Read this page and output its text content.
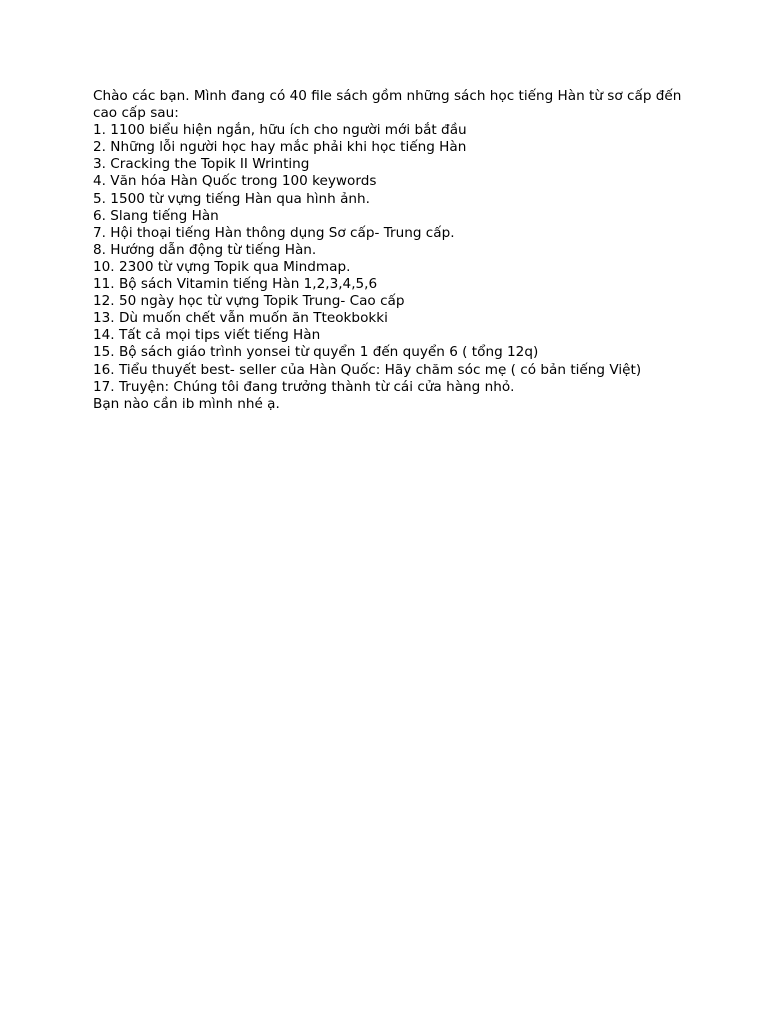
Chào các bạn. Mình đang có 40 file sách gồm những sách học tiếng Hàn từ sơ cấp đến cao cấp sau:
1. 1100 biểu hiện ngắn, hữu ích cho người mới bắt đầu
2. Những lỗi người học hay mắc phải khi học tiếng Hàn
3. Cracking the Topik II Wrinting
4. Văn hóa Hàn Quốc trong 100 keywords
5. 1500 từ vựng tiếng Hàn qua hình ảnh.
6. Slang tiếng Hàn
7. Hội thoại tiếng Hàn thông dụng Sơ cấp- Trung cấp.
8. Hướng dẫn động từ tiếng Hàn.
10. 2300 từ vựng Topik qua Mindmap.
11. Bộ sách Vitamin tiếng Hàn 1,2,3,4,5,6
12. 50 ngày học từ vựng Topik Trung- Cao cấp
13. Dù muốn chết vẫn muốn ăn Tteokbokki
14. Tất cả mọi tips viết tiếng Hàn
15. Bộ sách giáo trình yonsei từ quyển 1 đến quyển 6 ( tổng 12q)
16. Tiểu thuyết best- seller của Hàn Quốc: Hãy chăm sóc mẹ ( có bản tiếng Việt)
17. Truyện: Chúng tôi đang trưởng thành từ cái cửa hàng nhỏ.
Bạn nào cần ib mình nhé ạ.
